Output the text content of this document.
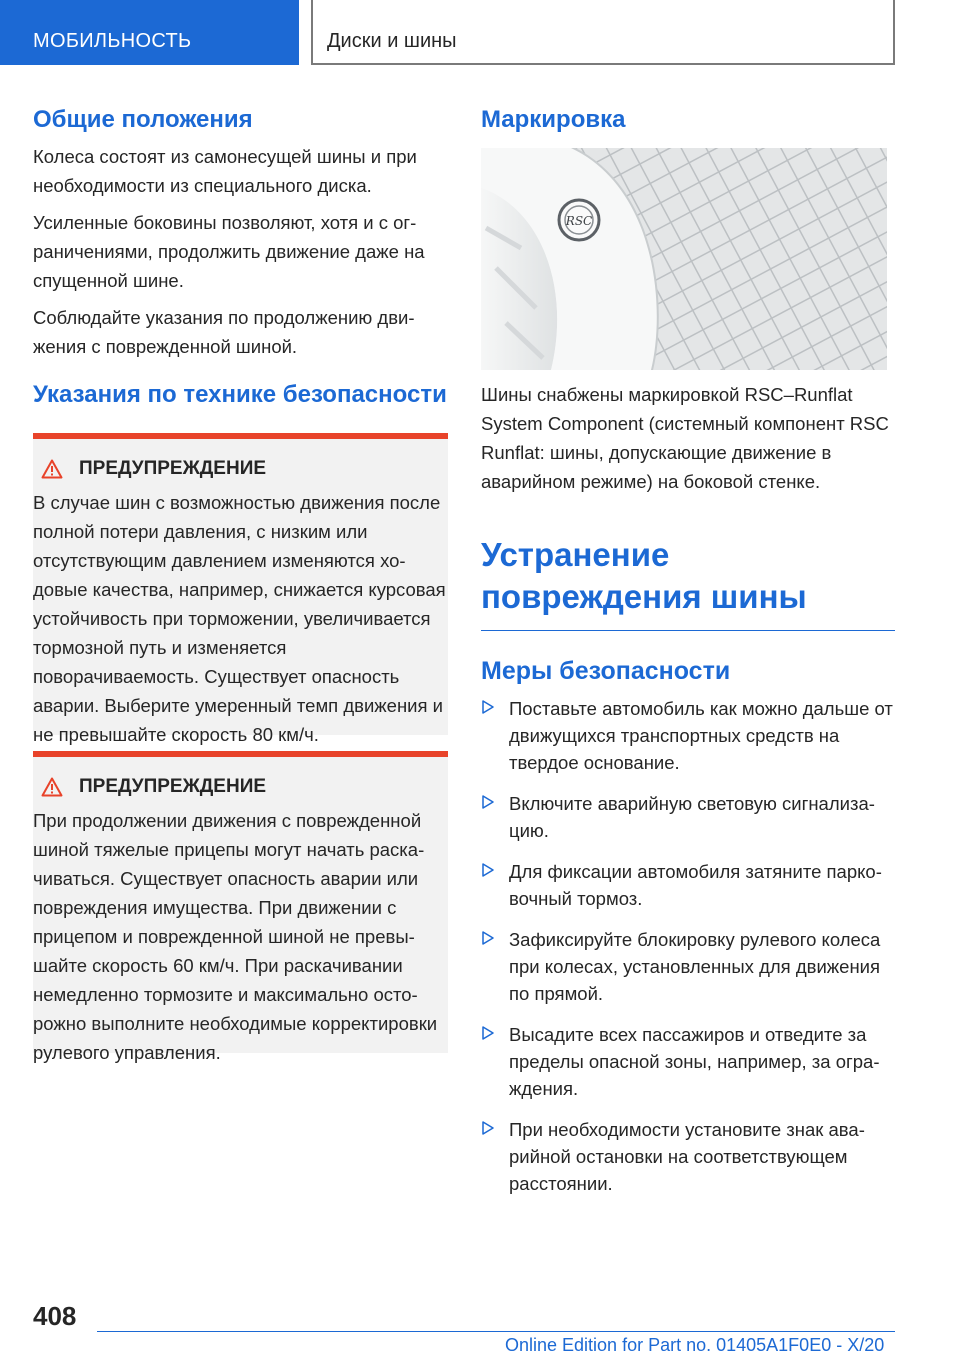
МОБИЛЬНОСТЬ	Диски и шины
Общие положения

Колеса состоят из самонесущей шины и при необходимости из специального диска.

Усиленные боковины позволяют, хотя и с ограничениями, продолжить движение даже на спущенной шине.

Соблюдайте указания по продолжению движения с поврежденной шиной.

Указания по технике безопасности
ПРЕДУПРЕЖДЕНИЕ

В случае шин с возможностью движения после полной потери давления, с низким или отсутствующим давлением изменяются ходовые качества, например, снижается курсовая устойчивость при торможении, увеличивается тормозной путь и изменяется поворачиваемость. Существует опасность аварии. Выберите умеренный темп движения и не превышайте скорость 80 км/ч.

ПРЕДУПРЕЖДЕНИЕ

При продолжении движения с поврежденной шиной тяжелые прицепы могут начать раскачиваться. Существует опасность аварии или повреждения имущества. При движении с прицепом и поврежденной шиной не превышайте скорость 60 км/ч. При раскачивании немедленно тормозите и максимально осторожно выполните необходимые корректировки рулевого управления.

Маркировка
RSC

Шины снабжены маркировкой RSC–Runflat System Component (системный компонент RSC Runflat: шины, допускающие движение в аварийном режиме) на боковой стенке.

Устранение повреждения шины
Меры безопасности
Поставьте автомобиль как можно дальше от движущихся транспортных средств на твердое основание.
Включите аварийную световую сигнализацию.
Для фиксации автомобиля затяните парковочный тормоз.
Зафиксируйте блокировку рулевого колеса при колесах, установленных для движения по прямой.
Высадите всех пассажиров и отведите за пределы опасной зоны, например, за ограждения.
При необходимости установите знак аварийной остановки на соответствующем расстоянии.
408
Online Edition for Part no. 01405A1F0E0 - X/20
